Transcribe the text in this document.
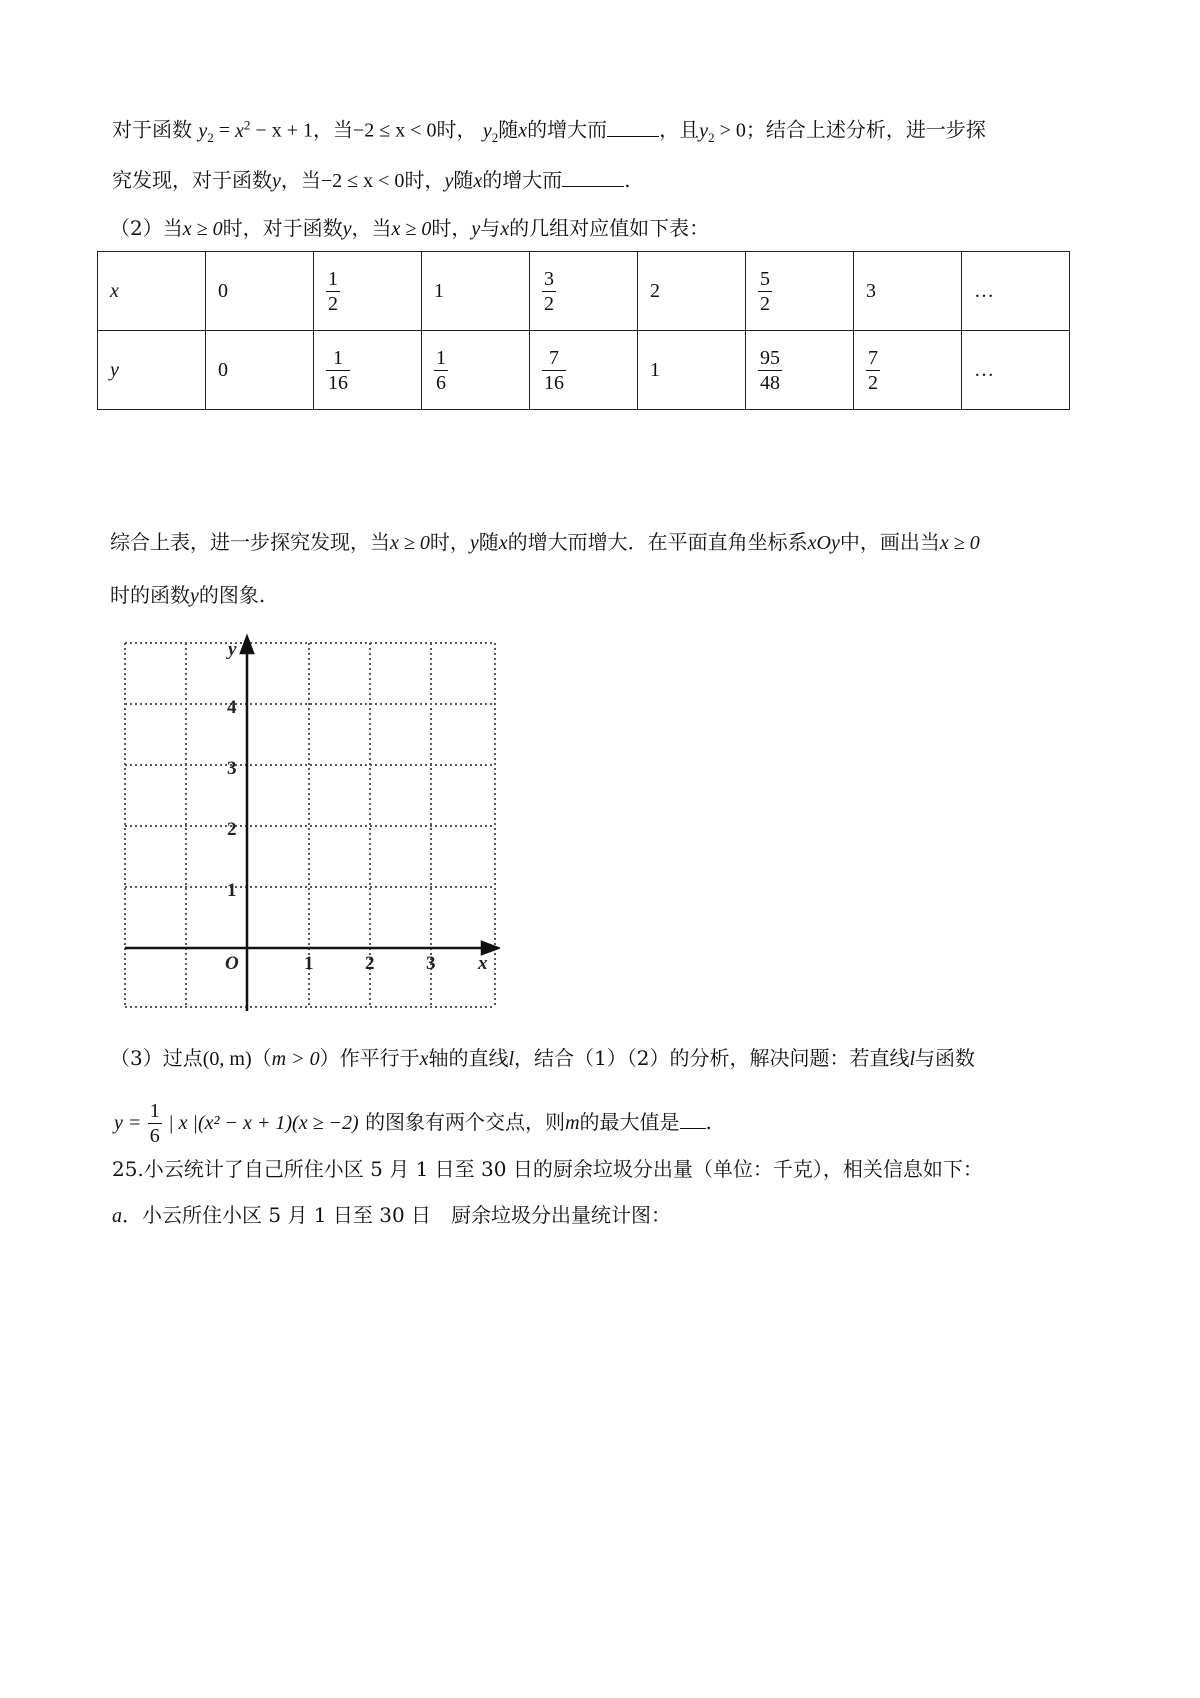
对于函数 $y_2 = x^2 - x + 1$，当−2 ≤ x < 0时， $y_2$随x的增大而	，且$y_2 > 0$；结合上述分析，进一步探
究发现，对于函数y，当−2 ≤ x < 0时，y随x的增大而	.
（2）当x ≥ 0时，对于函数y，当x ≥ 0时，y与x的几组对应值如下表：
x	0	$\frac{1}{2}$	1	$\frac{3}{2}$	2	$\frac{5}{2}$	3	…
y	0	$\frac{1}{16}$	$\frac{1}{6}$	$\frac{7}{16}$	1	$\frac{95}{48}$	$\frac{7}{2}$	…
综合上表，进一步探究发现，当x ≥ 0时，y随x的增大而增大．在平面直角坐标系xOy中，画出当x ≥ 0
时的函数y的图象.
y
x
O
4
3
2
1
1	2	3
（3）过点(0, m)（m > 0）作平行于x轴的直线l，结合（1）（2）的分析，解决问题：若直线l与函数
$y = \frac{1}{6}$ | x |(x² − x + 1)(x ≥ −2) 的图象有两个交点，则m的最大值是 .
25.小云统计了自己所住小区 5 月 1 日至 30 日的厨余垃圾分出量（单位：千克），相关信息如下：
a．小云所住小区 5 月 1 日至 30 日　厨余垃圾分出量统计图：
